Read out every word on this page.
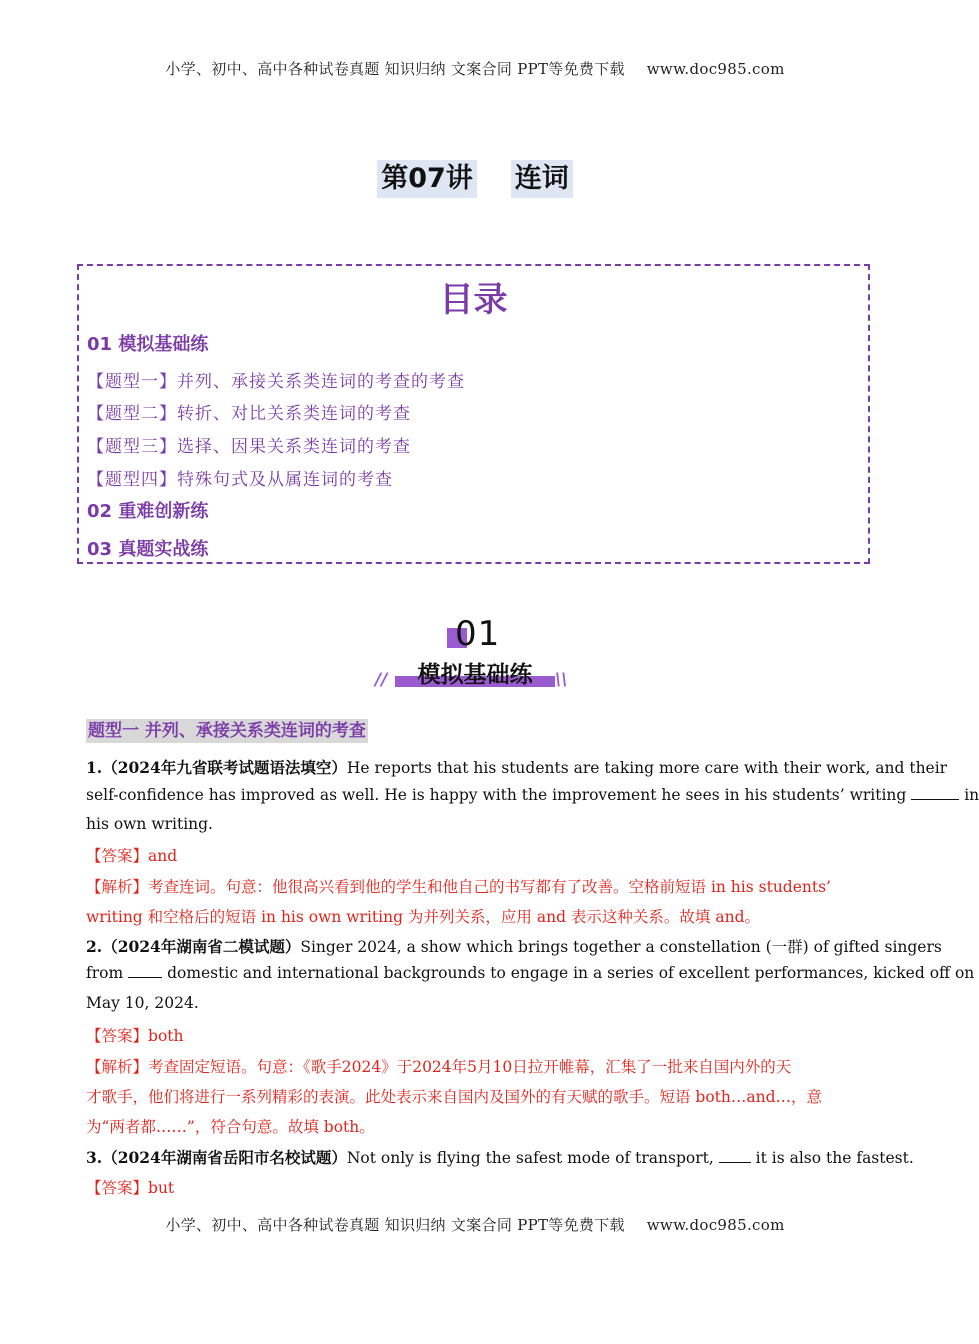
小学、初中、高中各种试卷真题 知识归纳 文案合同 PPT等免费下载 www.doc985.com
第07讲 连词
目录
01 模拟基础练
【题型一】并列、承接关系类连词的考查的考查
【题型二】转折、对比关系类连词的考查
【题型三】选择、因果关系类连词的考查
【题型四】特殊句式及从属连词的考查
02 重难创新练
03 真题实战练
01
模拟基础练
//	\\
题型一 并列、承接关系类连词的考查
1.（2024年九省联考试题语法填空）He reports that his students are taking more care with their work, and their
self-confidence has improved as well. He is happy with the improvement he sees in his students’ writing	in
his own writing.
【答案】and
【解析】考查连词。句意：他很高兴看到他的学生和他自己的书写都有了改善。空格前短语 in his students’
writing 和空格后的短语 in his own writing 为并列关系，应用 and 表示这种关系。故填 and。
2.（2024年湖南省二模试题）Singer 2024, a show which brings together a constellation (一群) of gifted singers
from	domestic and international backgrounds to engage in a series of excellent performances, kicked off on
May 10, 2024.
【答案】both
【解析】考查固定短语。句意：《歌手2024》于2024年5月10日拉开帷幕，汇集了一批来自国内外的天
才歌手，他们将进行一系列精彩的表演。此处表示来自国内及国外的有天赋的歌手。短语 both…and…，意
为“两者都……”，符合句意。故填 both。
3.（2024年湖南省岳阳市名校试题）Not only is flying the safest mode of transport,	it is also the fastest.
【答案】but
小学、初中、高中各种试卷真题 知识归纳 文案合同 PPT等免费下载 www.doc985.com
